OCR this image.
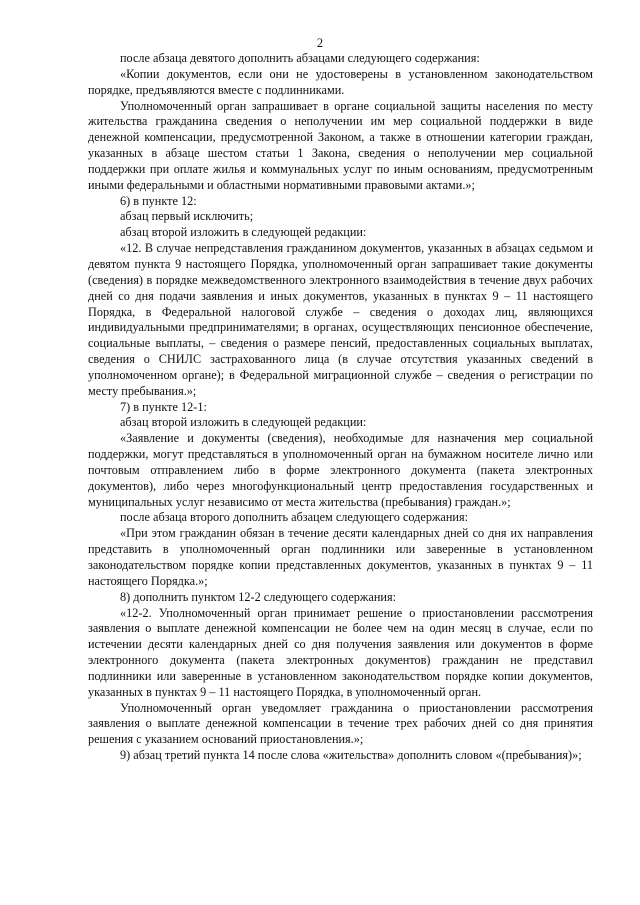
2

после абзаца девятого дополнить абзацами следующего содержания:

«Копии документов, если они не удостоверены в установленном законодательством порядке, предъявляются вместе с подлинниками.

Уполномоченный орган запрашивает в органе социальной защиты населения по месту жительства гражданина сведения о неполучении им мер социальной поддержки в виде денежной компенсации, предусмотренной Законом, а также в отношении категории граждан, указанных в абзаце шестом статьи 1 Закона, сведения о неполучении мер социальной поддержки при оплате жилья и коммунальных услуг по иным основаниям, предусмотренным иными федеральными и областными нормативными правовыми актами.»;

6) в пункте 12:

абзац первый исключить;

абзац второй изложить в следующей редакции:

«12. В случае непредставления гражданином документов, указанных в абзацах седьмом и девятом пункта 9 настоящего Порядка, уполномоченный орган запрашивает такие документы (сведения) в порядке межведомственного электронного взаимодействия в течение двух рабочих дней со дня подачи заявления и иных документов, указанных в пунктах 9 – 11 настоящего Порядка, в Федеральной налоговой службе – сведения о доходах лиц, являющихся индивидуальными предпринимателями; в органах, осуществляющих пенсионное обеспечение, социальные выплаты, – сведения о размере пенсий, предоставленных социальных выплатах, сведения о СНИЛС застрахованного лица (в случае отсутствия указанных сведений в уполномоченном органе); в Федеральной миграционной службе – сведения о регистрации по месту пребывания.»;

7) в пункте 12-1:

абзац второй изложить в следующей редакции:

«Заявление и документы (сведения), необходимые для назначения мер социальной поддержки, могут представляться в уполномоченный орган на бумажном носителе лично или почтовым отправлением либо в форме электронного документа (пакета электронных документов), либо через многофункциональный центр предоставления государственных и муниципальных услуг независимо от места жительства (пребывания) граждан.»;

после абзаца второго дополнить абзацем следующего содержания:

«При этом гражданин обязан в течение десяти календарных дней со дня их направления представить в уполномоченный орган подлинники или заверенные в установленном законодательством порядке копии представленных документов, указанных в пунктах 9 – 11 настоящего Порядка.»;

8) дополнить пунктом 12-2 следующего содержания:

«12-2. Уполномоченный орган принимает решение о приостановлении рассмотрения заявления о выплате денежной компенсации не более чем на один месяц в случае, если по истечении десяти календарных дней со дня получения заявления или документов в форме электронного документа (пакета электронных документов) гражданин не представил подлинники или заверенные в установленном законодательством порядке копии документов, указанных в пунктах 9 – 11 настоящего Порядка, в уполномоченный орган.

Уполномоченный орган уведомляет гражданина о приостановлении рассмотрения заявления о выплате денежной компенсации в течение трех рабочих дней со дня принятия решения с указанием оснований приостановления.»;

9) абзац третий пункта 14 после слова «жительства» дополнить словом «(пребывания)»;
